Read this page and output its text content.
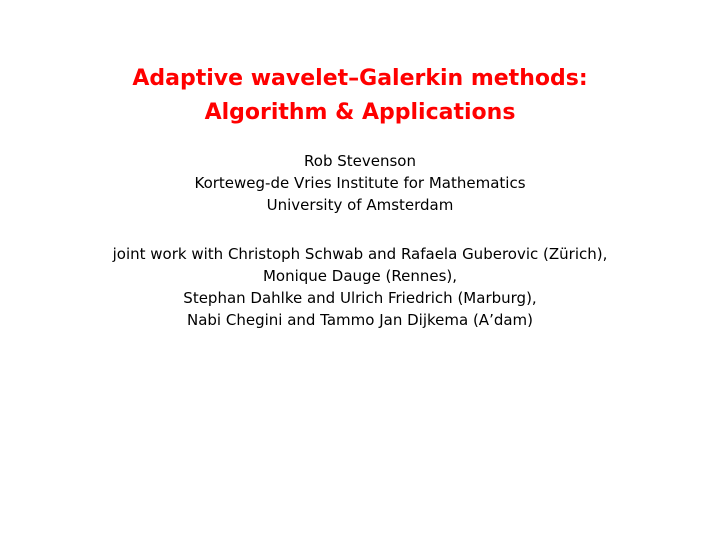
Adaptive wavelet–Galerkin methods:
Algorithm & Applications
Rob Stevenson
Korteweg-de Vries Institute for Mathematics
University of Amsterdam
joint work with Christoph Schwab and Rafaela Guberovic (Zürich),
Monique Dauge (Rennes),
Stephan Dahlke and Ulrich Friedrich (Marburg),
Nabi Chegini and Tammo Jan Dijkema (A’dam)
